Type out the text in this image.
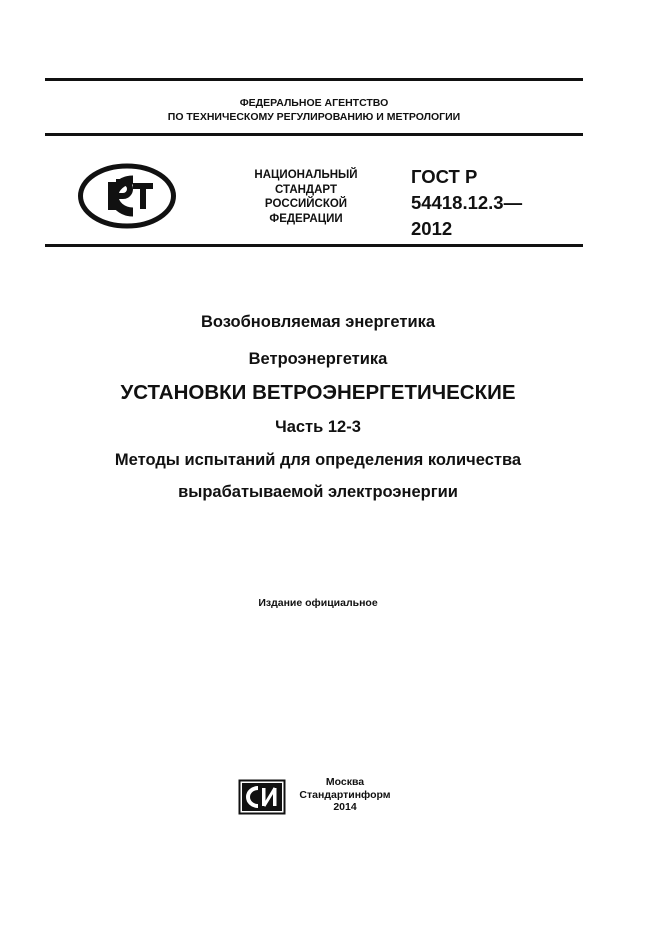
ФЕДЕРАЛЬНОЕ АГЕНТСТВО
ПО ТЕХНИЧЕСКОМУ РЕГУЛИРОВАНИЮ И МЕТРОЛОГИИ
НАЦИОНАЛЬНЫЙ
СТАНДАРТ
РОССИЙСКОЙ
ФЕДЕРАЦИИ
ГОСТ Р
54418.12.3—
2012
Возобновляемая энергетика
Ветроэнергетика
УСТАНОВКИ ВЕТРОЭНЕРГЕТИЧЕСКИЕ
Часть 12-3
Методы испытаний для определения количества
вырабатываемой электроэнергии
Издание официальное
Москва
Стандартинформ
2014
